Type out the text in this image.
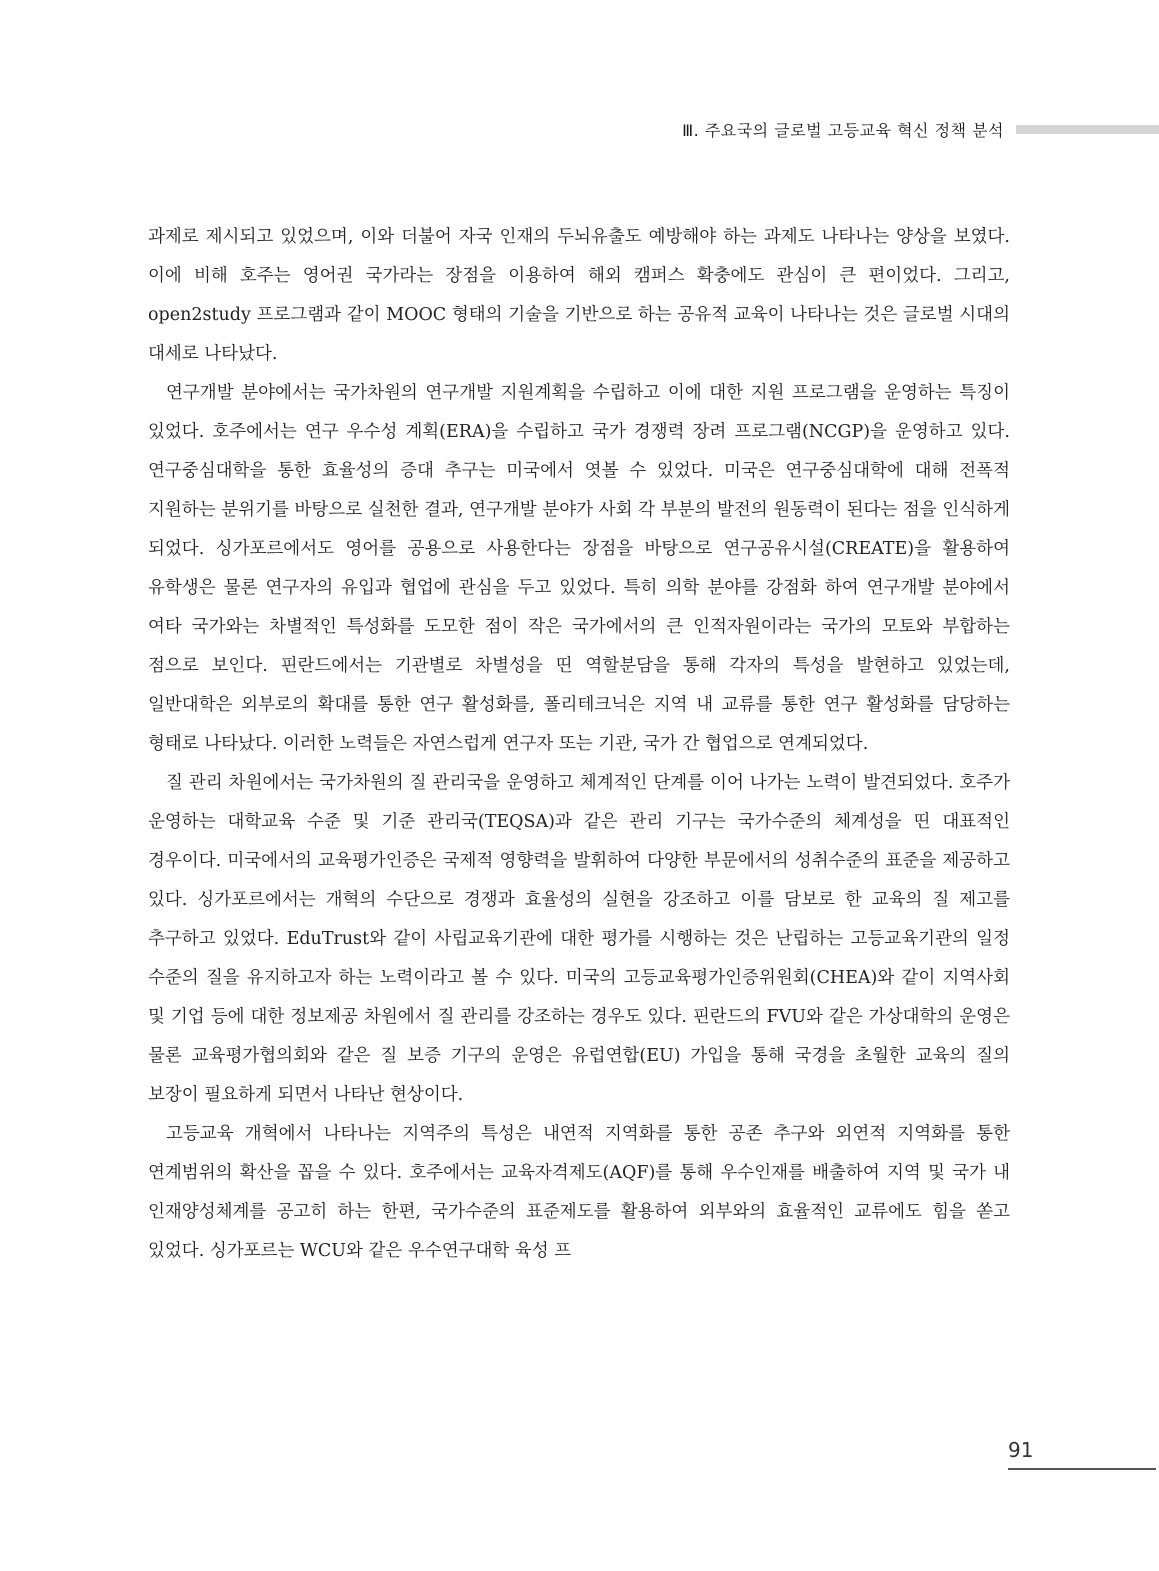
Ⅲ. 주요국의 글로벌 고등교육 혁신 정책 분석

과제로 제시되고 있었으며, 이와 더불어 자국 인재의 두뇌유출도 예방해야 하는 과제도 나타나는 양상을 보였다. 이에 비해 호주는 영어권 국가라는 장점을 이용하여 해외 캠퍼스 확충에도 관심이 큰 편이었다. 그리고, open2study 프로그램과 같이 MOOC 형태의 기술을 기반으로 하는 공유적 교육이 나타나는 것은 글로벌 시대의 대세로 나타났다.

연구개발 분야에서는 국가차원의 연구개발 지원계획을 수립하고 이에 대한 지원 프로그램을 운영하는 특징이 있었다. 호주에서는 연구 우수성 계획(ERA)을 수립하고 국가 경쟁력 장려 프로그램(NCGP)을 운영하고 있다. 연구중심대학을 통한 효율성의 증대 추구는 미국에서 엿볼 수 있었다. 미국은 연구중심대학에 대해 전폭적 지원하는 분위기를 바탕으로 실천한 결과, 연구개발 분야가 사회 각 부분의 발전의 원동력이 된다는 점을 인식하게 되었다. 싱가포르에서도 영어를 공용으로 사용한다는 장점을 바탕으로 연구공유시설(CREATE)을 활용하여 유학생은 물론 연구자의 유입과 협업에 관심을 두고 있었다. 특히 의학 분야를 강점화 하여 연구개발 분야에서 여타 국가와는 차별적인 특성화를 도모한 점이 작은 국가에서의 큰 인적자원이라는 국가의 모토와 부합하는 점으로 보인다. 핀란드에서는 기관별로 차별성을 띤 역할분담을 통해 각자의 특성을 발현하고 있었는데, 일반대학은 외부로의 확대를 통한 연구 활성화를, 폴리테크닉은 지역 내 교류를 통한 연구 활성화를 담당하는 형태로 나타났다. 이러한 노력들은 자연스럽게 연구자 또는 기관, 국가 간 협업으로 연계되었다.

질 관리 차원에서는 국가차원의 질 관리국을 운영하고 체계적인 단계를 이어 나가는 노력이 발견되었다. 호주가 운영하는 대학교육 수준 및 기준 관리국(TEQSA)과 같은 관리 기구는 국가수준의 체계성을 띤 대표적인 경우이다. 미국에서의 교육평가인증은 국제적 영향력을 발휘하여 다양한 부문에서의 성취수준의 표준을 제공하고 있다. 싱가포르에서는 개혁의 수단으로 경쟁과 효율성의 실현을 강조하고 이를 담보로 한 교육의 질 제고를 추구하고 있었다. EduTrust와 같이 사립교육기관에 대한 평가를 시행하는 것은 난립하는 고등교육기관의 일정 수준의 질을 유지하고자 하는 노력이라고 볼 수 있다. 미국의 고등교육평가인증위원회(CHEA)와 같이 지역사회 및 기업 등에 대한 정보제공 차원에서 질 관리를 강조하는 경우도 있다. 핀란드의 FVU와 같은 가상대학의 운영은 물론 교육평가협의회와 같은 질 보증 기구의 운영은 유럽연합(EU) 가입을 통해 국경을 초월한 교육의 질의 보장이 필요하게 되면서 나타난 현상이다.

고등교육 개혁에서 나타나는 지역주의 특성은 내연적 지역화를 통한 공존 추구와 외연적 지역화를 통한 연계범위의 확산을 꼽을 수 있다. 호주에서는 교육자격제도(AQF)를 통해 우수인재를 배출하여 지역 및 국가 내 인재양성체계를 공고히 하는 한편, 국가수준의 표준제도를 활용하여 외부와의 효율적인 교류에도 힘을 쏟고 있었다. 싱가포르는 WCU와 같은 우수연구대학 육성 프

91
